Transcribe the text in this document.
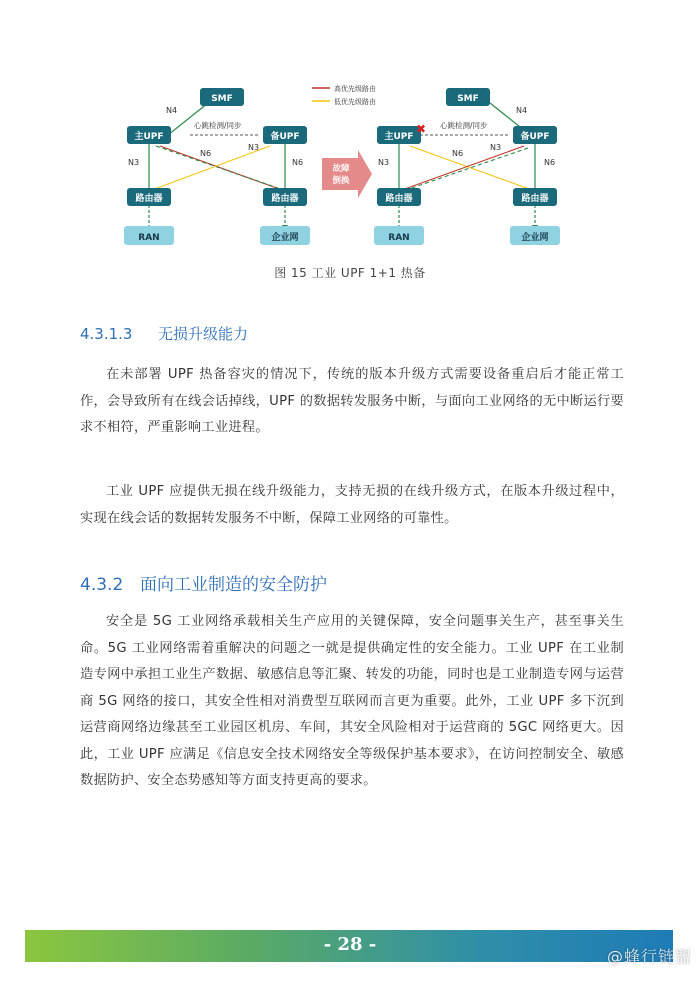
高优先级路由
低优先级路由
N4
心跳检测/同步
N3
N6
N3
N6
SMF
主UPF	备UPF
路由器	路由器
RAN	企业网
故障
倒换
N4
心跳检测/同步
N3
N6
N3
N6
SMF
主UPF
✖
备UPF
路由器	路由器
RAN	企业网
图 15 工业 UPF 1+1 热备
4.3.1.3 无损升级能力
在未部署 UPF 热备容灾的情况下，传统的版本升级方式需要设备重启后才能正常工作，会导致所有在线会话掉线，UPF 的数据转发服务中断，与面向工业网络的无中断运行要求不相符，严重影响工业进程。
工业 UPF 应提供无损在线升级能力，支持无损的在线升级方式，在版本升级过程中，实现在线会话的数据转发服务不中断，保障工业网络的可靠性。
4.3.2 面向工业制造的安全防护
安全是 5G 工业网络承载相关生产应用的关键保障，安全问题事关生产，甚至事关生命。5G 工业网络需着重解决的问题之一就是提供确定性的安全能力。工业 UPF 在工业制造专网中承担工业生产数据、敏感信息等汇聚、转发的功能，同时也是工业制造专网与运营商 5G 网络的接口，其安全性相对消费型互联网而言更为重要。此外，工业 UPF 多下沉到运营商网络边缘甚至工业园区机房、车间，其安全风险相对于运营商的 5GC 网络更大。因此，工业 UPF 应满足《信息安全技术网络安全等级保护基本要求》，在访问控制安全、敏感数据防护、安全态势感知等方面支持更高的要求。
- 28 -
@蜂行链盟
